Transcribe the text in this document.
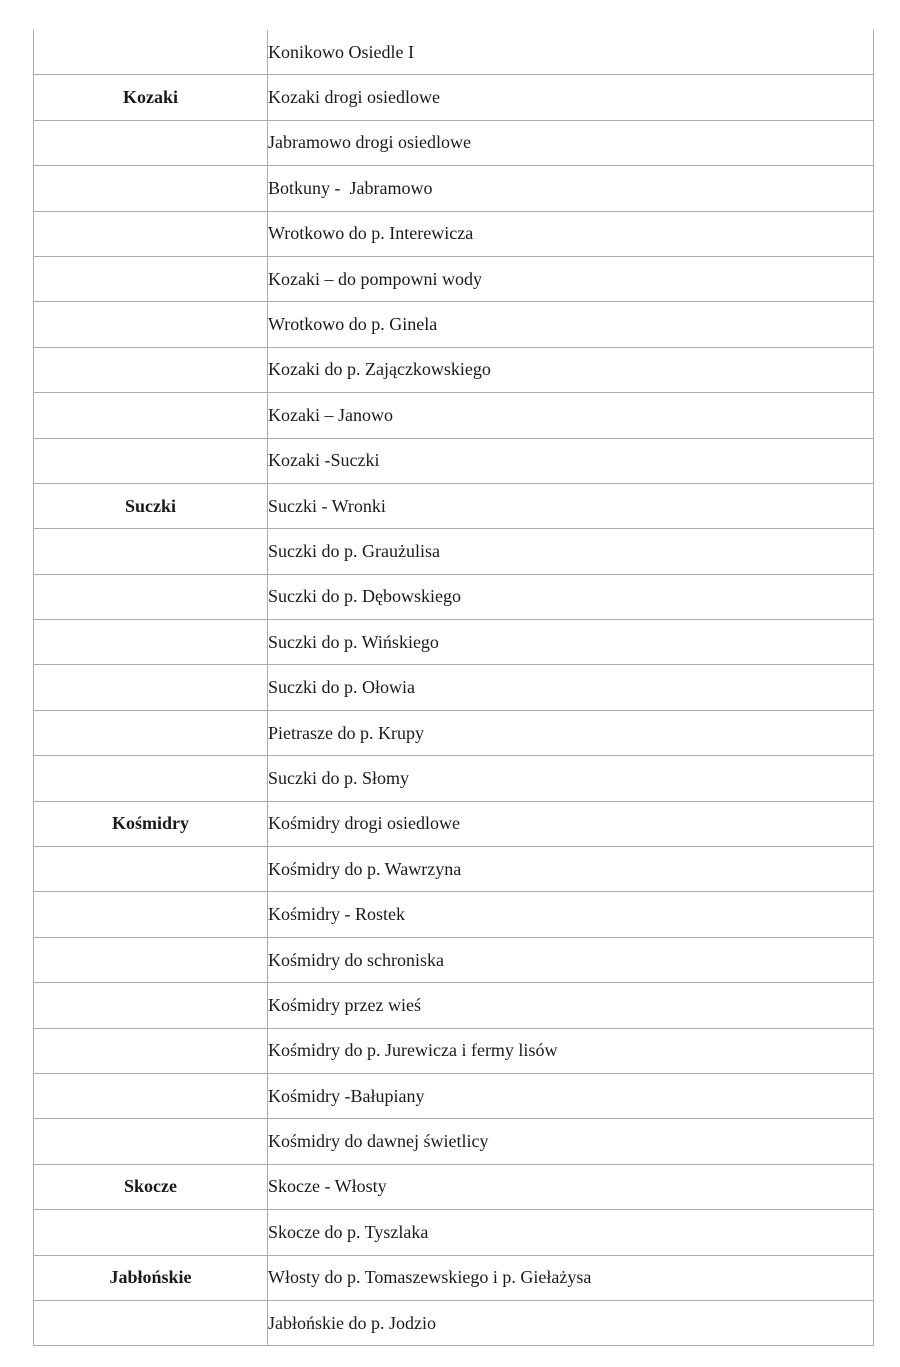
	Konikowo Osiedle I
Kozaki	Kozaki drogi osiedlowe
	Jabramowo drogi osiedlowe
	Botkuny -  Jabramowo
	Wrotkowo do p. Interewicza
	Kozaki – do pompowni wody
	Wrotkowo do p. Ginela
	Kozaki do p. Zajączkowskiego
	Kozaki – Janowo
	Kozaki -Suczki
Suczki	Suczki - Wronki
	Suczki do p. Graużulisa
	Suczki do p. Dębowskiego
	Suczki do p. Wińskiego
	Suczki do p. Ołowia
	Pietrasze do p. Krupy
	Suczki do p. Słomy
Kośmidry	Kośmidry drogi osiedlowe
	Kośmidry do p. Wawrzyna
	Kośmidry - Rostek
	Kośmidry do schroniska
	Kośmidry przez wieś
	Kośmidry do p. Jurewicza i fermy lisów
	Kośmidry -Bałupiany
	Kośmidry do dawnej świetlicy
Skocze	Skocze - Włosty
	Skocze do p. Tyszlaka
Jabłońskie	Włosty do p. Tomaszewskiego i p. Giełażysa
	Jabłońskie do p. Jodzio
